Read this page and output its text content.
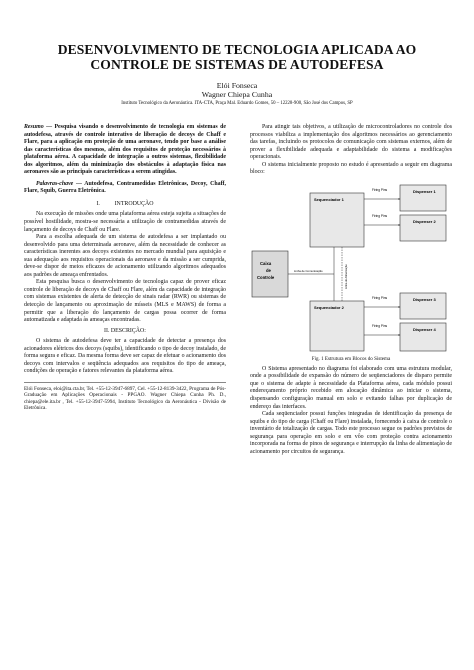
DESENVOLVIMENTO DE TECNOLOGIA APLICADA AO
CONTROLE DE SISTEMAS DE AUTODEFESA
Elói Fonseca
Wagner Chiepa Cunha
Instituto Tecnológico da Aeronáutica. ITA-CTA, Praça Mal. Eduardo Gomes, 50 – 12228-900, São José dos Campos, SP

Resumo — Pesquisa visando o desenvolvimento de tecnologia em sistemas de autodefesa, através de controle interativo de liberação de decoys de Chaff e Flare, para a aplicação em proteção de uma aeronave, tendo por base a análise das características dos mesmos, além dos requisitos de proteção necessários à plataforma aérea. A capacidade de integração a outros sistemas, flexibilidade dos algoritmos, além da minimização dos obstáculos à adaptação física nas aeronaves são as principais características a serem atingidas.

Palavras-chave — Autodefesa, Contramedidas Eletrônicas, Decoy, Chaff, Flare, Squib, Guerra Eletrônica.

I.          INTRODUÇÃO

Na execução de missões onde uma plataforma aérea esteja sujeita a situações de possível hostilidade, mostra-se necessária a utilização de contramedidas através de lançamento de decoys de Chaff ou Flare.

Para a escolha adequada de um sistema de autodefesa a ser implantado ou desenvolvido para uma determinada aeronave, além da necessidade de conhecer as características inerentes aos decoys existentes no mercado mundial para aquisição e sua adequação aos requisitos operacionais da aeronave e da missão a ser cumprida, deve-se dispor de meios eficazes de acionamento utilizando algoritmos adequados aos padrões de ameaça enfrentados.

Esta pesquisa busca o desenvolvimento de tecnologia capaz de prover eficaz controle de liberação de decoys de Chaff ou Flare, além da capacidade de integração com sistemas existentes de alerta de detecção de sinais radar (RWR) ou sistemas de detecção de lançamento ou aproximação de mísseis (MLS e MAWS) de forma a permitir que a liberação do lançamento de cargas possa ocorrer de forma automatizada e adaptada às ameaças encontradas.

II. DESCRIÇÃO:

O sistema de autodefesa deve ter a capacidade de detectar a presença dos acionadores elétricos dos decoys (squibs), identificando o tipo de decoy instalado, de forma segura e eficaz. Da mesma forma deve ser capaz de efetuar o acionamento dos decoys com intervalos e seqüência adequados aos requisitos do tipo de ameaça, condições de operação e fatores relevantes da plataforma aérea.

Elói Fonseca, eloi@ita.cta.br, Tel. +55-12-3947-6897, Cel. +55-12-8139-3422, Programa de Pós-Graduação em Aplicações Operacionais - PPGAO. Wagner Chiepa Cunha Ph. D., chiepa@ele.ita.br , Tel. +55-12-3947-5994, Instituto Tecnológico da Aeronáutica - Divisão de Eletrônica.

Para atingir tais objetivos, a utilização de microcontroladores no controle dos processos viabiliza a implementação dos algoritmos necessários ao gerenciamento das tarefas, incluindo os protocolos de comunicação com sistemas externos, além de prover a flexibilidade adequada e adaptabilidade do sistema a modificações operacionais.

O sistema inicialmente proposto no estudo é apresentado a seguir em diagrama bloco:

Sequenciador 1
Dispenser 1
Dispenser 2
Firing Pins
Firing Pins
Caixa
de
Controle
Linha de Comunicação	Linha de Alimentação
Sequenciador 2
Dispenser 3
Dispenser 4
Firing Pins
Firing Pins

Fig. 1 Estrutura em Blocos do Sistema

O Sistema apresentado no diagrama foi elaborado com uma estrutura modular, onde a possibilidade de expansão do número de seqüenciadores de disparo permite que o sistema de adapte à necessidade da Plataforma aérea, cada módulo possui endereçamento próprio recebido em alocação dinâmica ao iniciar o sistema, dispensando configuração manual em solo e evitando falhas por duplicação de endereço das interfaces.

Cada seqüenciador possui funções integradas de identificação da presença de squibs e do tipo de carga (Chaff ou Flare) instalada, fornecendo à caixa de controle o inventário de totalização de cargas. Todo este processo segue os padrões previstos de segurança para operação em solo e em vôo com proteção contra acionamento incorporada na forma de pinos de segurança e interrupção da linha de alimentação de acionamento por circuitos de segurança.
